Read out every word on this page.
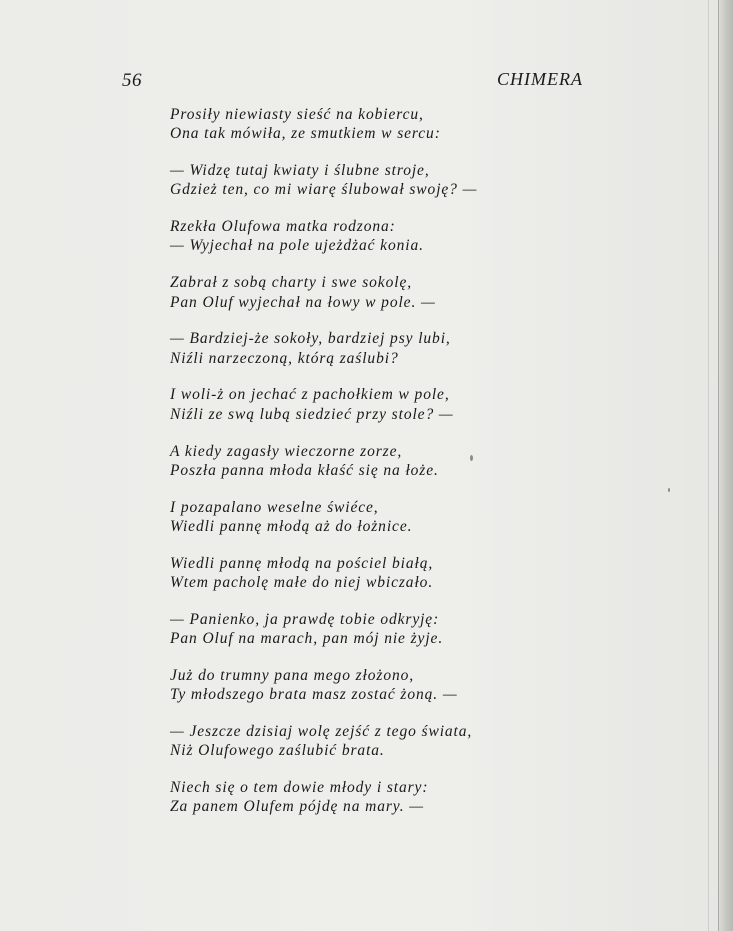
56	CHIMERA
Prosiły niewiasty sieść na kobiercu,
Ona tak mówiła, ze smutkiem w sercu:
— Widzę tutaj kwiaty i ślubne stroje,
Gdzież ten, co mi wiarę ślubował swoję? —
Rzekła Olufowa matka rodzona:
— Wyjechał na pole ujeżdżać konia.
Zabrał z sobą charty i swe sokolę,
Pan Oluf wyjechał na łowy w pole. —
— Bardziej-że sokoły, bardziej psy lubi,
Niźli narzeczoną, którą zaślubi?
I woli-ż on jechać z pachołkiem w pole,
Niźli ze swą lubą siedzieć przy stole? —
A kiedy zagasły wieczorne zorze,
Poszła panna młoda kłaść się na łoże.
I pozapalano weselne świéce,
Wiedli pannę młodą aż do łożnice.
Wiedli pannę młodą na pościel białą,
Wtem pacholę małe do niej wbiczało.
— Panienko, ja prawdę tobie odkryję:
Pan Oluf na marach, pan mój nie żyje.
Już do trumny pana mego złożono,
Ty młodszego brata masz zostać żoną. —
— Jeszcze dzisiaj wolę zejść z tego świata,
Niż Olufowego zaślubić brata.
Niech się o tem dowie młody i stary:
Za panem Olufem pójdę na mary. —
